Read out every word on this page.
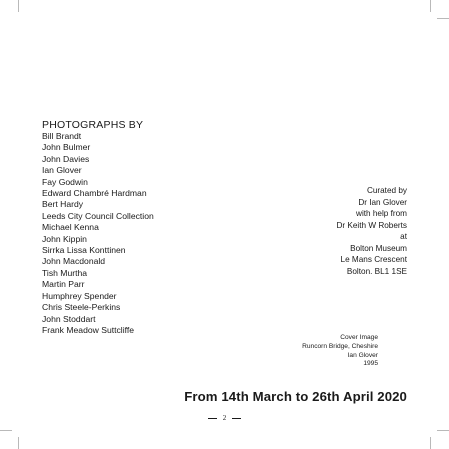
PHOTOGRAPHS BY
Bill Brandt
John Bulmer
John Davies
Ian Glover
Fay Godwin
Edward Chambré Hardman
Bert Hardy
Leeds City Council Collection
Michael Kenna
John Kippin
Sirrka Lissa Konttinen
John Macdonald
Tish Murtha
Martin Parr
Humphrey Spender
Chris Steele-Perkins
John Stoddart
Frank Meadow Suttcliffe
Curated by
Dr Ian Glover
with help from
Dr Keith W Roberts
at
Bolton Museum
Le Mans Crescent
Bolton. BL1 1SE
Cover Image
Runcorn Bridge, Cheshire
Ian Glover
1995
From 14th March to 26th April 2020
2
